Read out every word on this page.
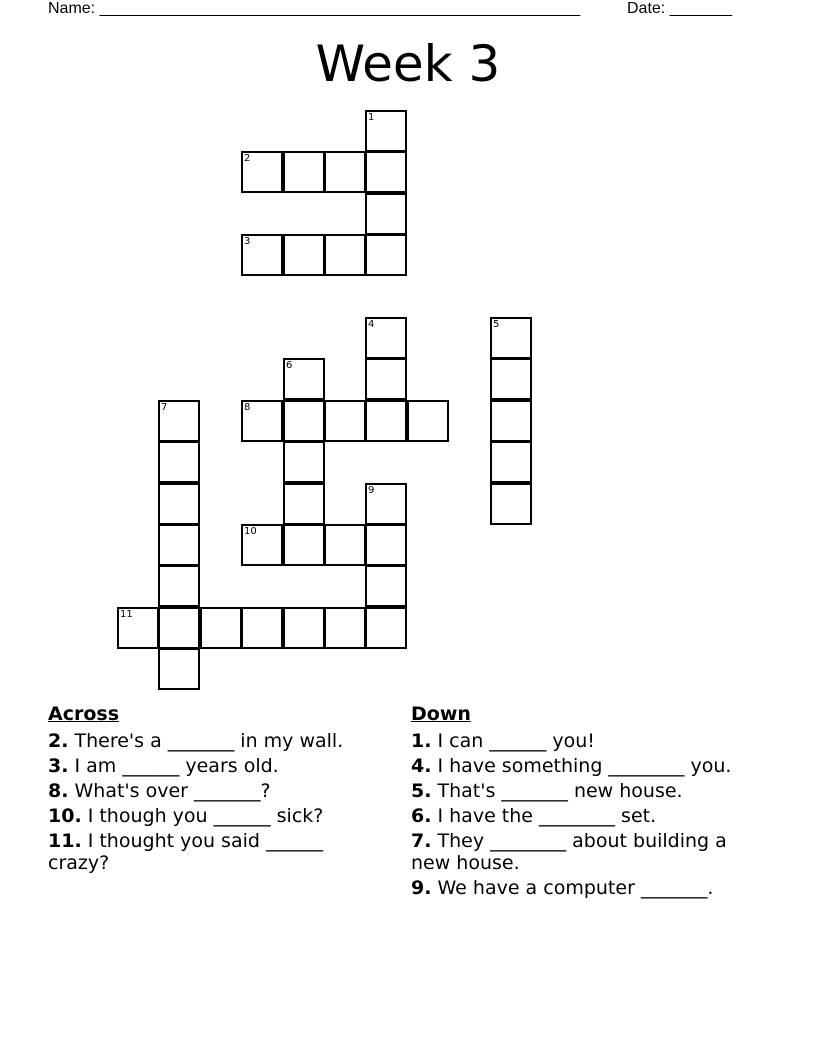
Name: ______________________________________________________	Date: _______
Week 3
1
2
3
4	5
6
7	8
9
10
11
Across
2. There's a _______ in my wall.
3. I am ______ years old.
8. What's over _______?
10. I though you ______ sick?
11. I thought you said ______ crazy?
Down
1. I can ______ you!
4. I have something ________ you.
5. That's _______ new house.
6. I have the ________ set.
7. They ________ about building a new house.
9. We have a computer _______.
